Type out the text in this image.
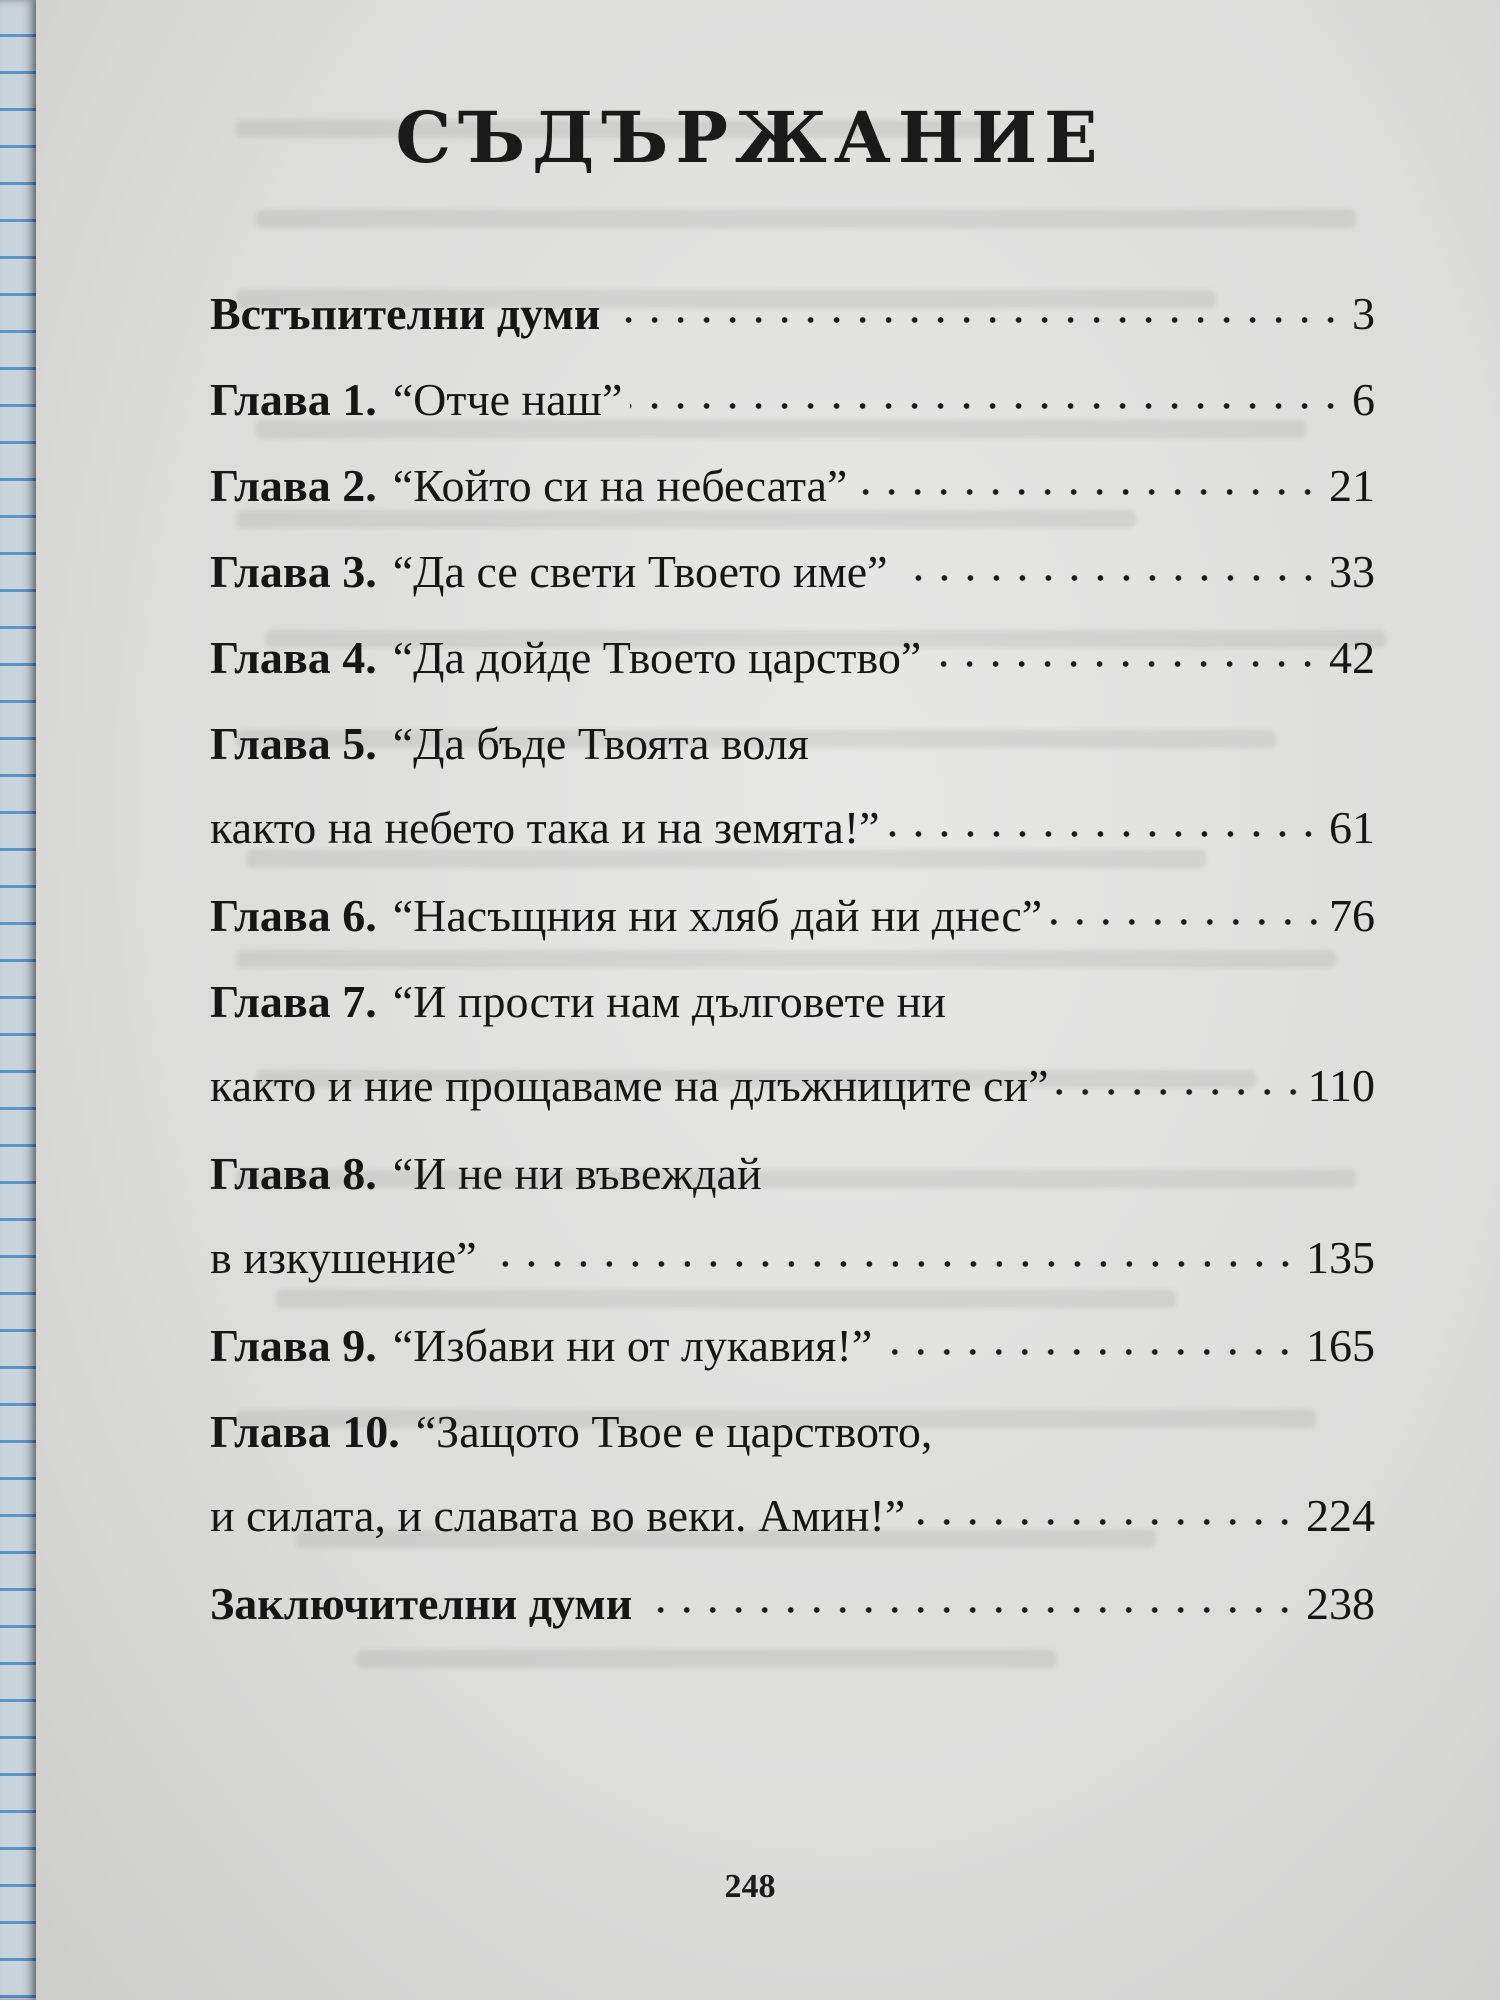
СЪДЪРЖАНИЕ
Встъпителни думи	3
Глава 1. “Отче наш”	6
Глава 2. “Който си на небесата”	21
Глава 3. “Да се свети Твоето име”	33
Глава 4. “Да дойде Твоето царство”	42
Глава 5. “Да бъде Твоята воля
както на небето така и на земята!”	61
Глава 6. “Насъщния ни хляб дай ни днес”	76
Глава 7. “И прости нам дълговете ни
както и ние прощаваме на длъжниците си”	110
Глава 8. “И не ни въвеждай
в изкушение”	135
Глава 9. “Избави ни от лукавия!”	165
Глава 10. “Защото Твое е царството,
и силата, и славата во веки. Амин!”	224
Заключителни думи	238
248
